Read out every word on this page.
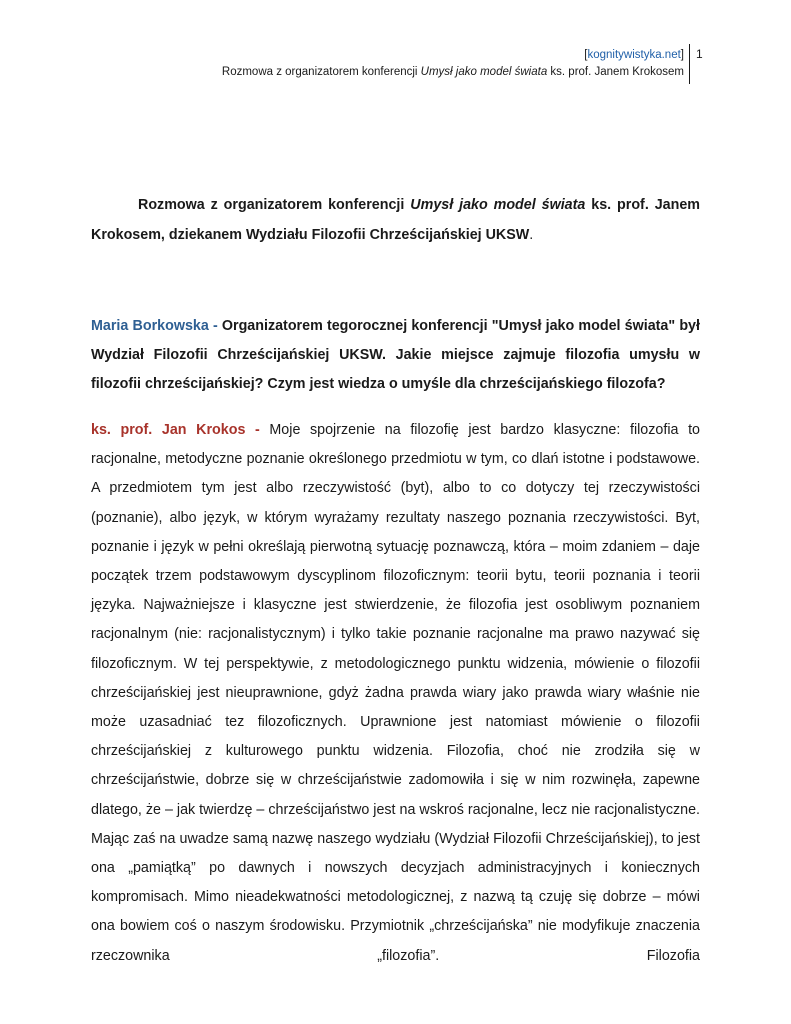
[kognitywistyka.net]
Rozmowa z organizatorem konferencji Umysł jako model świata ks. prof. Janem Krokosem
1
Rozmowa z organizatorem konferencji Umysł jako model świata ks. prof. Janem Krokosem, dziekanem Wydziału Filozofii Chrześcijańskiej UKSW.
Maria Borkowska - Organizatorem tegorocznej konferencji "Umysł jako model świata" był Wydział Filozofii Chrześcijańskiej UKSW. Jakie miejsce zajmuje filozofia umysłu w filozofii chrześcijańskiej? Czym jest wiedza o umyśle dla chrześcijańskiego filozofa?
ks. prof. Jan Krokos - Moje spojrzenie na filozofię jest bardzo klasyczne: filozofia to racjonalne, metodyczne poznanie określonego przedmiotu w tym, co dlań istotne i podstawowe. A przedmiotem tym jest albo rzeczywistość (byt), albo to co dotyczy tej rzeczywistości (poznanie), albo język, w którym wyrażamy rezultaty naszego poznania rzeczywistości. Byt, poznanie i język w pełni określają pierwotną sytuację poznawczą, która – moim zdaniem – daje początek trzem podstawowym dyscyplinom filozoficznym: teorii bytu, teorii poznania i teorii języka. Najważniejsze i klasyczne jest stwierdzenie, że filozofia jest osobliwym poznaniem racjonalnym (nie: racjonalistycznym) i tylko takie poznanie racjonalne ma prawo nazywać się filozoficznym. W tej perspektywie, z metodologicznego punktu widzenia, mówienie o filozofii chrześcijańskiej jest nieuprawnione, gdyż żadna prawda wiary jako prawda wiary właśnie nie może uzasadniać tez filozoficznych. Uprawnione jest natomiast mówienie o filozofii chrześcijańskiej z kulturowego punktu widzenia. Filozofia, choć nie zrodziła się w chrześcijaństwie, dobrze się w chrześcijaństwie zadomowiła i się w nim rozwinęła, zapewne dlatego, że – jak twierdzę – chrześcijaństwo jest na wskroś racjonalne, lecz nie racjonalistyczne. Mając zaś na uwadze samą nazwę naszego wydziału (Wydział Filozofii Chrześcijańskiej), to jest ona „pamiątką” po dawnych i nowszych decyzjach administracyjnych i koniecznych kompromisach. Mimo nieadekwatności metodologicznej, z nazwą tą czuję się dobrze – mówi ona bowiem coś o naszym środowisku. Przymiotnik „chrześcijańska” nie modyfikuje znaczenia rzeczownika „filozofia”. Filozofia
